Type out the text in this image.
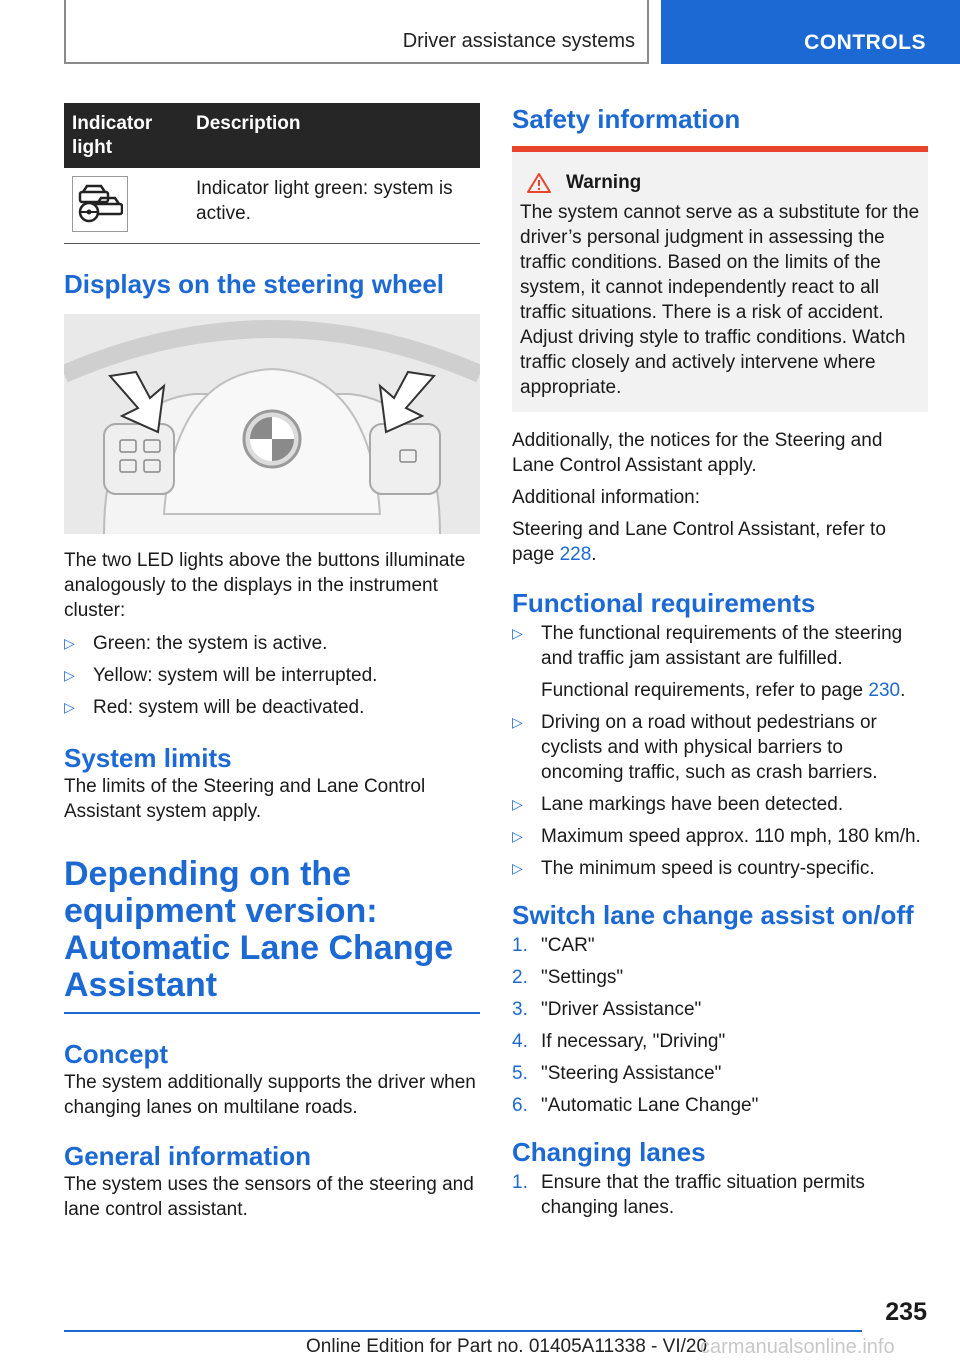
Driver assistance systems	CONTROLS
Indicator light
Description
Indicator light green: system is active.
Displays on the steering wheel

The two LED lights above the buttons illuminate analogously to the displays in the instrument cluster:

▷ Green: the system is active.
▷ Yellow: system will be interrupted.
▷ Red: system will be deactivated.
System limits

The limits of the Steering and Lane Control Assistant system apply.

Depending on the equipment version: Automatic Lane Change Assistant
Concept

The system additionally supports the driver when changing lanes on multilane roads.

General information

The system uses the sensors of the steering and lane control assistant.

Safety information
Warning

The system cannot serve as a substitute for the driver’s personal judgment in assessing the traffic conditions. Based on the limits of the system, it cannot independently react to all traffic situations. There is a risk of accident. Adjust driving style to traffic conditions. Watch traffic closely and actively intervene where appropriate.

Additionally, the notices for the Steering and Lane Control Assistant apply.

Additional information:

Steering and Lane Control Assistant, refer to page 228.

Functional requirements
▷ The functional requirements of the steering and traffic jam assistant are fulfilled.
Functional requirements, refer to page 230.
▷ Driving on a road without pedestrians or cyclists and with physical barriers to oncoming traffic, such as crash barriers.
▷ Lane markings have been detected.
▷ Maximum speed approx. 110 mph, 180 km/h.
▷ The minimum speed is country-specific.
Switch lane change assist on/off
1. "CAR"
2. "Settings"
3. "Driver Assistance"
4. If necessary, "Driving"
5. "Steering Assistance"
6. "Automatic Lane Change"
Changing lanes
1. Ensure that the traffic situation permits changing lanes.
235
Online Edition for Part no. 01405A11338 - VI/20
carmanualsonline.info
